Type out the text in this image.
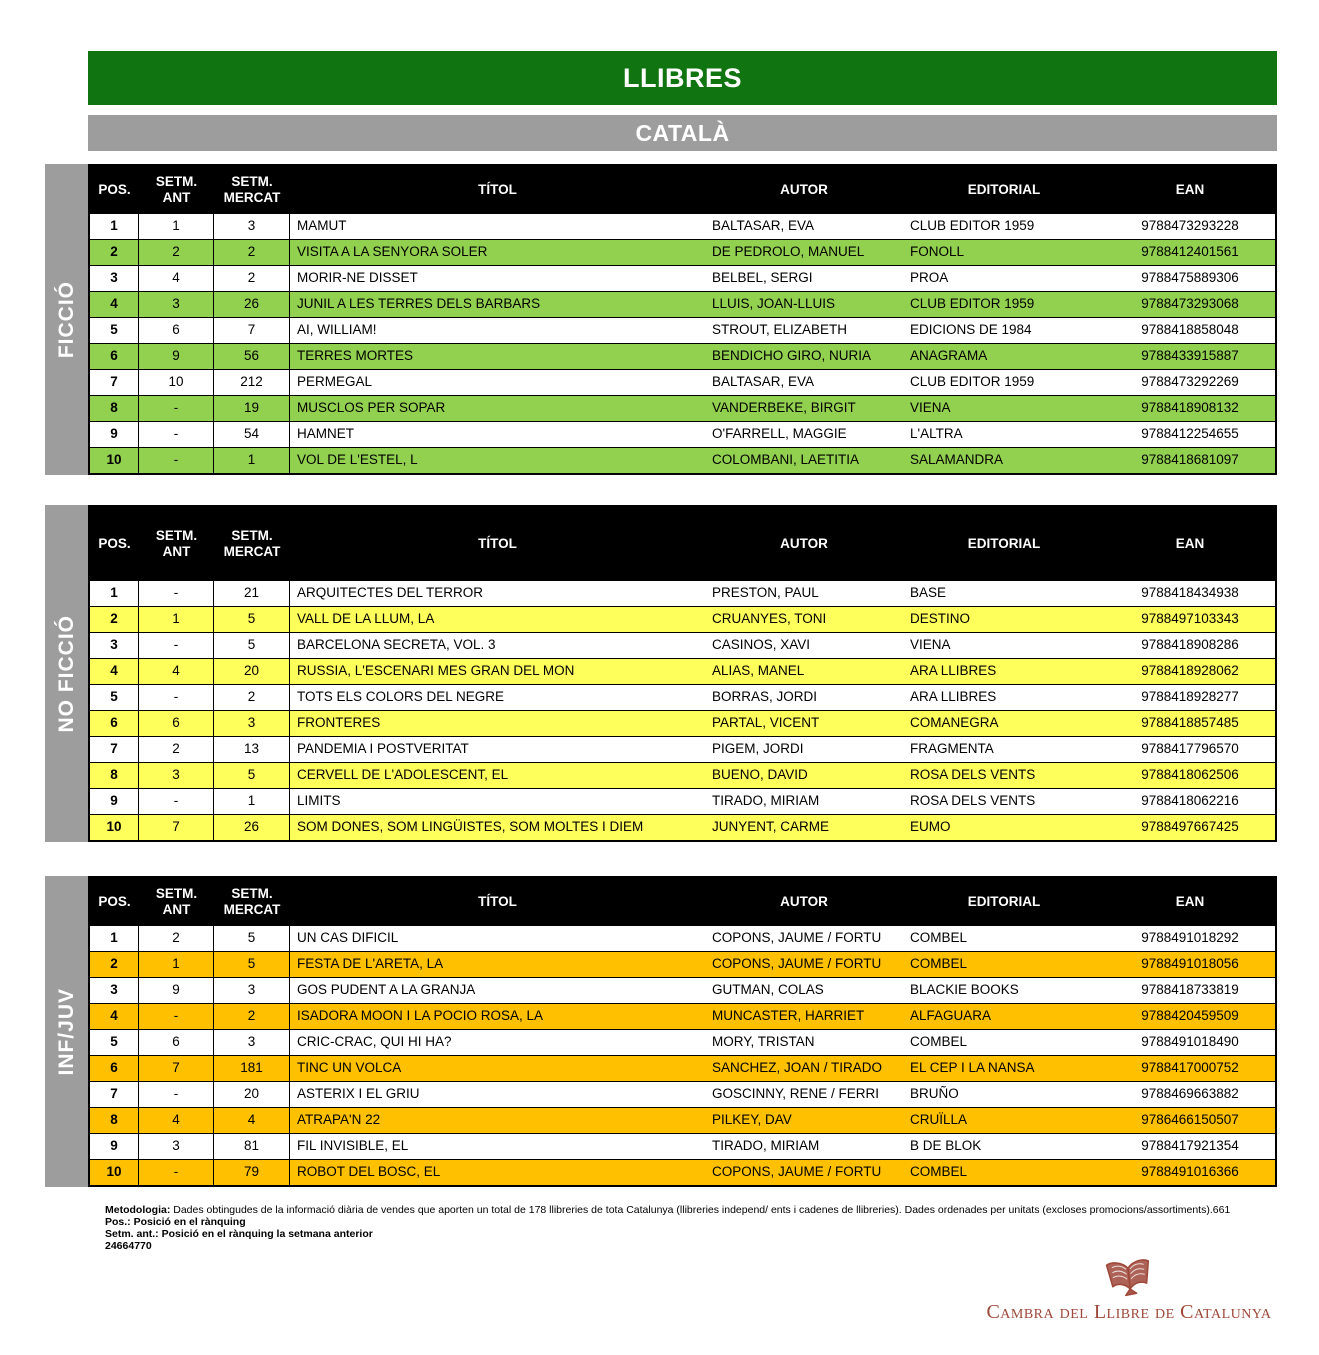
LLIBRES
CATALÀ
FICCIÓ
POS.
SETM.
ANT
SETM.
MERCAT
TÍTOL	AUTOR	EDITORIAL	EAN
1	1	3	MAMUT	BALTASAR, EVA	CLUB EDITOR 1959	9788473293228
2	2	2	VISITA A LA SENYORA SOLER	DE PEDROLO, MANUEL	FONOLL	9788412401561
3	4	2	MORIR-NE DISSET	BELBEL, SERGI	PROA	9788475889306
4	3	26	JUNIL A LES TERRES DELS BARBARS	LLUIS, JOAN-LLUIS	CLUB EDITOR 1959	9788473293068
5	6	7	AI, WILLIAM!	STROUT, ELIZABETH	EDICIONS DE 1984	9788418858048
6	9	56	TERRES MORTES	BENDICHO GIRO, NURIA	ANAGRAMA	9788433915887
7	10	212	PERMEGAL	BALTASAR, EVA	CLUB EDITOR 1959	9788473292269
8	-	19	MUSCLOS PER SOPAR	VANDERBEKE, BIRGIT	VIENA	9788418908132
9	-	54	HAMNET	O'FARRELL, MAGGIE	L'ALTRA	9788412254655
10	-	1	VOL DE L'ESTEL, L	COLOMBANI, LAETITIA	SALAMANDRA	9788418681097
NO FICCIÓ
POS.
SETM.
ANT
SETM.
MERCAT
TÍTOL	AUTOR	EDITORIAL	EAN
1	-	21	ARQUITECTES DEL TERROR	PRESTON, PAUL	BASE	9788418434938
2	1	5	VALL DE LA LLUM, LA	CRUANYES, TONI	DESTINO	9788497103343
3	-	5	BARCELONA SECRETA, VOL. 3	CASINOS, XAVI	VIENA	9788418908286
4	4	20	RUSSIA, L'ESCENARI MES GRAN DEL MON	ALIAS, MANEL	ARA LLIBRES	9788418928062
5	-	2	TOTS ELS COLORS DEL NEGRE	BORRAS, JORDI	ARA LLIBRES	9788418928277
6	6	3	FRONTERES	PARTAL, VICENT	COMANEGRA	9788418857485
7	2	13	PANDEMIA I POSTVERITAT	PIGEM, JORDI	FRAGMENTA	9788417796570
8	3	5	CERVELL DE L'ADOLESCENT, EL	BUENO, DAVID	ROSA DELS VENTS	9788418062506
9	-	1	LIMITS	TIRADO, MIRIAM	ROSA DELS VENTS	9788418062216
10	7	26	SOM DONES, SOM LINGÜISTES, SOM MOLTES I DIEM	JUNYENT, CARME	EUMO	9788497667425
INF/JUV
POS.
SETM.
ANT
SETM.
MERCAT
TÍTOL	AUTOR	EDITORIAL	EAN
1	2	5	UN CAS DIFICIL	COPONS, JAUME / FORTU	COMBEL	9788491018292
2	1	5	FESTA DE L'ARETA, LA	COPONS, JAUME / FORTU	COMBEL	9788491018056
3	9	3	GOS PUDENT A LA GRANJA	GUTMAN, COLAS	BLACKIE BOOKS	9788418733819
4	-	2	ISADORA MOON I LA POCIO ROSA, LA	MUNCASTER, HARRIET	ALFAGUARA	9788420459509
5	6	3	CRIC-CRAC, QUI HI HA?	MORY, TRISTAN	COMBEL	9788491018490
6	7	181	TINC UN VOLCA	SANCHEZ, JOAN / TIRADO	EL CEP I LA NANSA	9788417000752
7	-	20	ASTERIX I EL GRIU	GOSCINNY, RENE / FERRI	BRUÑO	9788469663882
8	4	4	ATRAPA'N 22	PILKEY, DAV	CRUÏLLA	9786466150507
9	3	81	FIL INVISIBLE, EL	TIRADO, MIRIAM	B DE BLOK	9788417921354
10	-	79	ROBOT DEL BOSC, EL	COPONS, JAUME / FORTU	COMBEL	9788491016366
Metodologia: Dades obtingudes de la informació diària de vendes que aporten un total de 178 llibreries de tota Catalunya (llibreries independ/ ents i cadenes de llibreries). Dades ordenades per unitats (excloses promocions/assortiments).661
Pos.: Posició en el rànquing
Setm. ant.: Posició en el rànquing la setmana anterior
24664770
Cambra del Llibre de Catalunya
